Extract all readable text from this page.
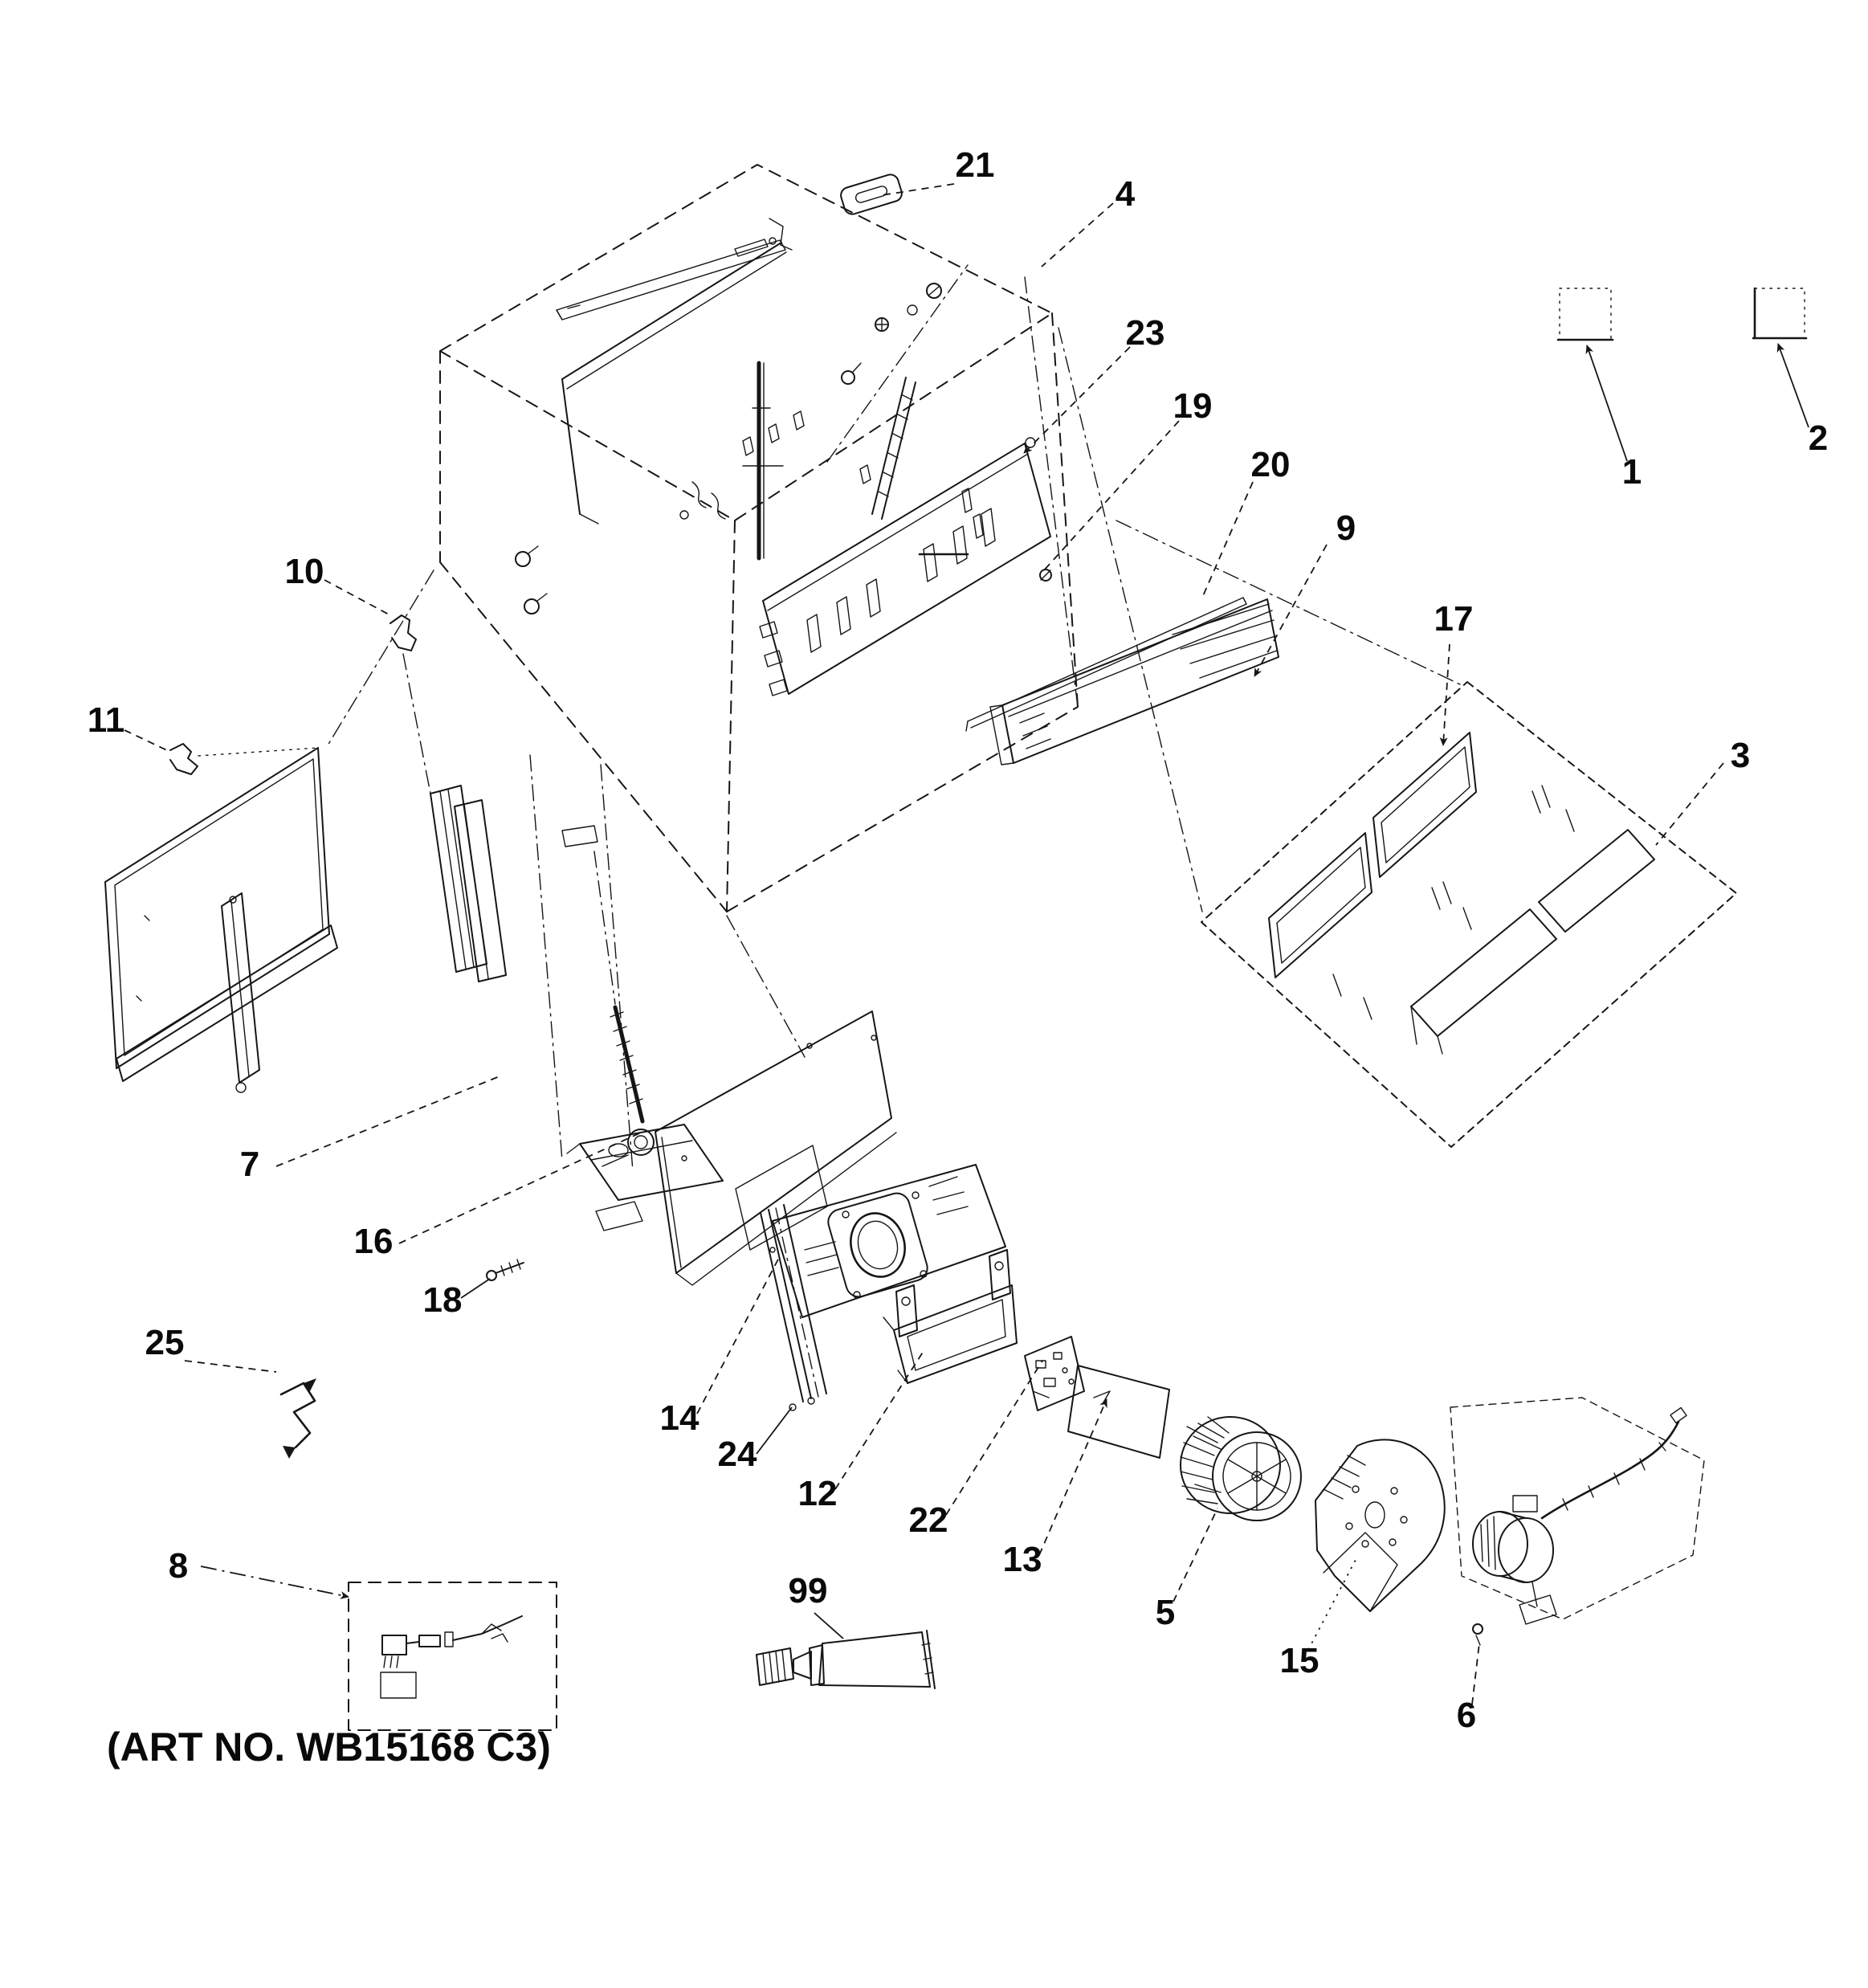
1
2
3
4
5
6
7
8
9
10
11
12
13
14
15
16
17
18
19
20
21
22
23
24
25
99
(ART NO. WB15168 C3)
